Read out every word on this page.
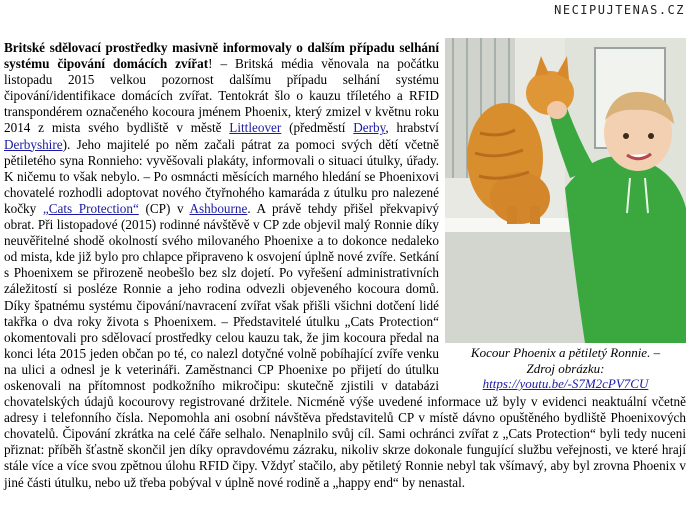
NECIPUJTENAS.CZ
Kocour Phoenix a pětiletý Ronnie. –
Zdroj obrázku:
https://youtu.be/-S7M2cPV7CU
Britské sdělovací prostředky masivně informovaly o dalším případu selhání systému čipování domácích zvířat! – Britská média věnovala na počátku listopadu 2015 velkou pozornost dalšímu případu selhání systému čipování/identifikace domácích zvířat. Tentokrát šlo o kauzu tříletého a RFID transpondérem označeného kocoura jménem Phoenix, který zmizel v květnu roku 2014 z mista svého bydliště v městě Littleover (předměstí Derby, hrabství Derbyshire). Jeho majitelé po něm začali pátrat za pomoci svých dětí včetně pětiletého syna Ronnieho: vyvěšovali plakáty, informovali o situaci útulky, úřady. K ničemu to však nebylo. – Po osmnácti měsících marného hledání se Phoenixovi chovatelé rozhodli adoptovat nového čtyřnohého kamaráda z útulku pro nalezené kočky „Cats Protection“ (CP) v Ashbourne. A právě tehdy přišel překvapivý obrat. Při listopadové (2015) rodinné návštěvě v CP zde objevil malý Ronnie díky neuvěřitelné shodě okolností svého milovaného Phoenixe a to dokonce nedaleko od mista, kde již bylo pro chlapce připraveno k osvojení úplně nové zvíře. Setkání s Phoenixem se přirozeně neobešlo bez slz dojetí. Po vyřešení administrativních záležitostí si posléze Ronnie a jeho rodina odvezli objeveného kocoura domů. Díky špatnému systému čipování/navracení zvířat však přišli všichni dotčení lidé takřka o dva roky života s Phoenixem. – Představitelé útulku „Cats Protection“ okomentovali pro sdělovací prostředky celou kauzu tak, že jim kocoura předal na konci léta 2015 jeden občan po té, co nalezl dotyčné volně pobíhající zvíře venku na ulici a odnesl je k veterináři. Zaměstnanci CP Phoenixe po přijetí do útulku oskenovali na přítomnost podkožního mikročipu: skutečně zjistili v databázi chovatelských údajů kocourovy registrované držitele. Nicméně výše uvedené informace už byly v evidenci neaktuální včetně adresy i telefonního čísla. Nepomohla ani osobní návštěva představitelů CP v místě dávno opuštěného bydliště Phoenixových chovatelů. Čipování zkrátka na celé čáře selhalo. Nenaplnilo svůj cíl. Sami ochránci zvířat z „Cats Protection“ byli tedy nuceni přiznat: příběh šťastně skončil jen díky opravdovému zázraku, nikoliv skrze dokonale fungující službu veřejnosti, ve které hrají stále více a více svou zpětnou úlohu RFID čipy. Vždyť stačilo, aby pětiletý Ronnie nebyl tak všímavý, aby byl zrovna Phoenix v jiné části útulku, nebo už třeba pobýval v úplně nové rodině a „happy end“ by nenastal.
